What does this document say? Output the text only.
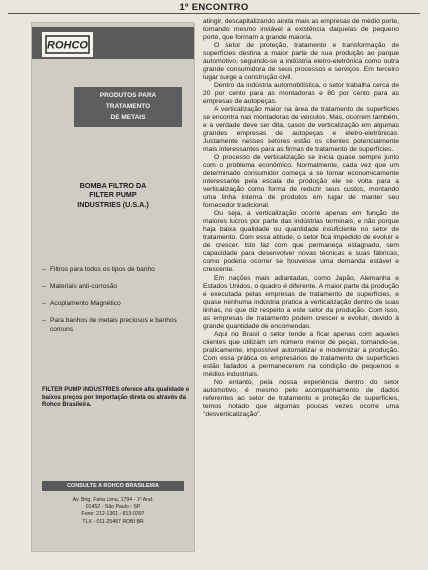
1º ENCONTRO
ROHCO
PRODUTOS PARA
TRATAMENTO
DE METAIS
BOMBA FILTRO DA
FILTER PUMP
INDUSTRIES (U.S.A.)
– Filtros para todos os tipos de banho
– Materiais anti-corrosão
– Acoplamento Magnético
– Para banhos de metais preciosos e banhos comuns
FILTER PUMP INDUSTRIES oferece alta qualidade e baixos preços por importação direta ou através da Rohco Brasileira.
CONSULTE A ROHCO BRASILEIRA
Av. Brig. Faria Lima, 1794 - 1º And.
01452 - São Paulo - SP
Fone: 212-1361 - 813-0397
TLX - 011-25487 ROBI BR

atingir, descapitalizando ainda mais as empresas de médio porte, tornando mesmo inviável a existência daquelas de pequeno porte, que formam a grande maioria.

O setor de proteção, tratamento e transformação de superfícies destina a maior parte de sua produção ao parque automotivo, seguindo-se a indústria eletro-eletrônica como outra grande consumidora de seus processos e serviços. Em terceiro lugar surge a construção civil.

Dentro da indústria automobilística, o setor trabalha cerca de 20 por cento para as montadoras e 80 por cento para as empresas de autopeças.

A verticalização maior na área de tratamento de superfícies se encontra nas montadoras de veículos. Mas, ocorrem também, e a verdade deve ser dita, casos de verticalização em algumas grandes empresas de autopeças e eletro-eletrônicas. Justamente nesses setores estão os clientes potencialmente mais interessantes para as firmas de tratamento de superfícies.

O processo de verticalização se inicia quase sempre junto com o problema econômico. Normalmente, cada vez que um determinado consumidor começa a se tornar economicamente interessante pela escala de produção ele se volta para a verticalização como forma de reduzir seus custos, montando uma linha interna de produtos em lugar de manter seu fornecedor tradicional.

Ou seja, a verticalização ocorre apenas em função de maiores lucros por parte das indústrias terminais, e não porque haja baixa qualidade ou quantidade insuficiente no setor de tratamento. Com essa atitude, o setor fica impedido de evoluir e de crescer. Isto faz com que permaneça estagnado, sem capacidade para desenvolver novas técnicas e suas fábricas, como poderia ocorrer se houvesse uma demanda estável e crescente.

Em nações mais adiantadas, como Japão, Alemanha e Estados Unidos, o quadro é diferente. A maior parte da produção é executada pelas empresas de tratamento de superfícies, e quase nenhuma indústria pratica a verticalização dentro de suas linhas, no que diz respeito a este setor da produção. Com isso, as empresas de tratamento podem crescer e evoluir, devido à grande quantidade de encomendas.

Aqui no Brasil o setor tende a ficar apenas com aqueles clientes que utilizam um número menor de peças, tornando-se, praticamente, impossível automatizar e modernizar a produção. Com essa prática os empresários de tratamento de superfícies estão fadados a permanecerem na condição de pequenos e médios industriais.

No entanto, pela nossa experiência dentro do setor automotivo, é mesmo pelo acompanhamento de dados referentes ao setor de tratamento e proteção de superfícies, temos notado que algumas poucas vezes ocorre uma "desverticalização".
